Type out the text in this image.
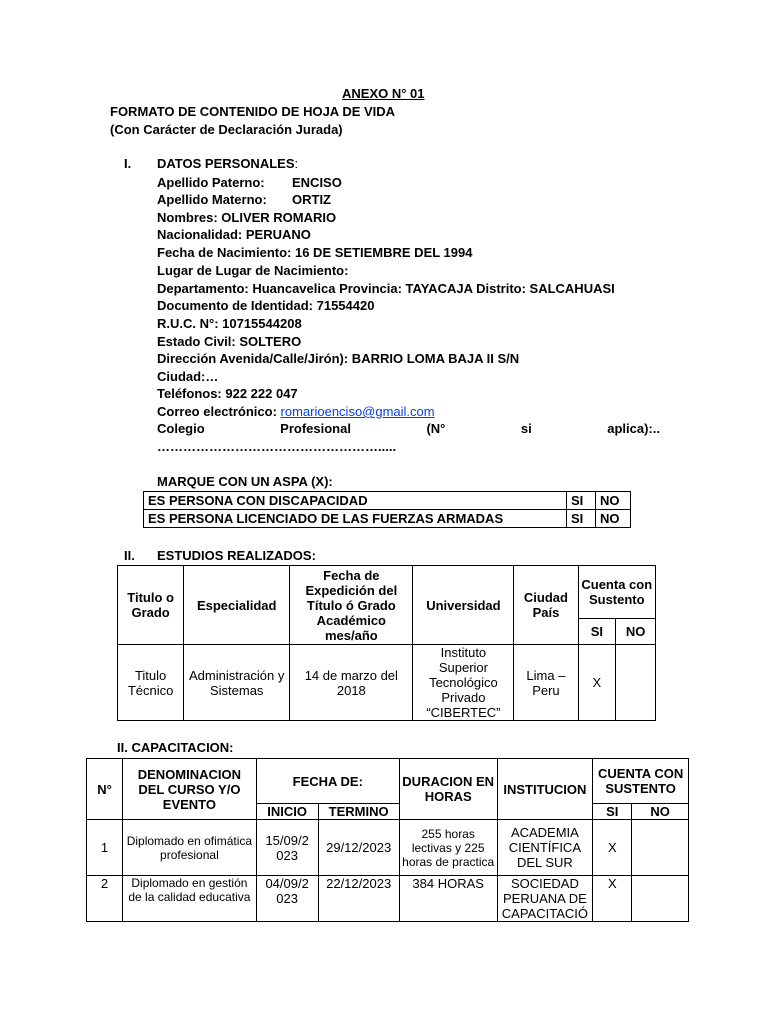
ANEXO N° 01
FORMATO DE CONTENIDO DE HOJA DE VIDA
(Con Carácter de Declaración Jurada)
I. DATOS PERSONALES:
Apellido Paterno: ENCISO
Apellido Materno: ORTIZ
Nombres: OLIVER ROMARIO
Nacionalidad: PERUANO
Fecha de Nacimiento: 16 DE SETIEMBRE DEL 1994
Lugar de Lugar de Nacimiento:
Departamento: Huancavelica Provincia: TAYACAJA Distrito: SALCAHUASI
Documento de Identidad: 71554420
R.U.C. N°: 10715544208
Estado Civil: SOLTERO
Dirección Avenida/Calle/Jirón): BARRIO LOMA BAJA II S/N
Ciudad:…
Teléfonos: 922 222 047
Correo electrónico: romarioenciso@gmail.com
Colegio	Profesional	(N°	si	aplica):..
…………………………………………….....
MARQUE CON UN ASPA (X):
ES PERSONA CON DISCAPACIDAD	SI	NO
ES PERSONA LICENCIADO DE LAS FUERZAS ARMADAS	SI	NO
II. ESTUDIOS REALIZADOS:
Titulo o Grado	Especialidad	Fecha de Expedición del Título ó Grado Académico mes/año	Universidad	Ciudad País	Cuenta con Sustento	
					SI	NO
Titulo Técnico	Administración y Sistemas	14 de marzo del 2018	Instituto Superior Tecnológico Privado “CIBERTEC”	Lima – Peru	X	
II. CAPACITACION:
N°	DENOMINACION DEL CURSO Y/O EVENTO	FECHA DE:		DURACION EN HORAS	INSTITUCION	CUENTA CON SUSTENTO	
		INICIO	TERMINO			SI	NO
1	Diplomado en ofimática profesional	15/09/2 023	29/12/2023	255 horas lectivas y 225 horas de practica	ACADEMIA CIENTÍFICA DEL SUR	X	
2	Diplomado en gestión de la calidad educativa	04/09/2 023	22/12/2023	384 HORAS	SOCIEDAD PERUANA DE CAPACITACIÓ	X	
